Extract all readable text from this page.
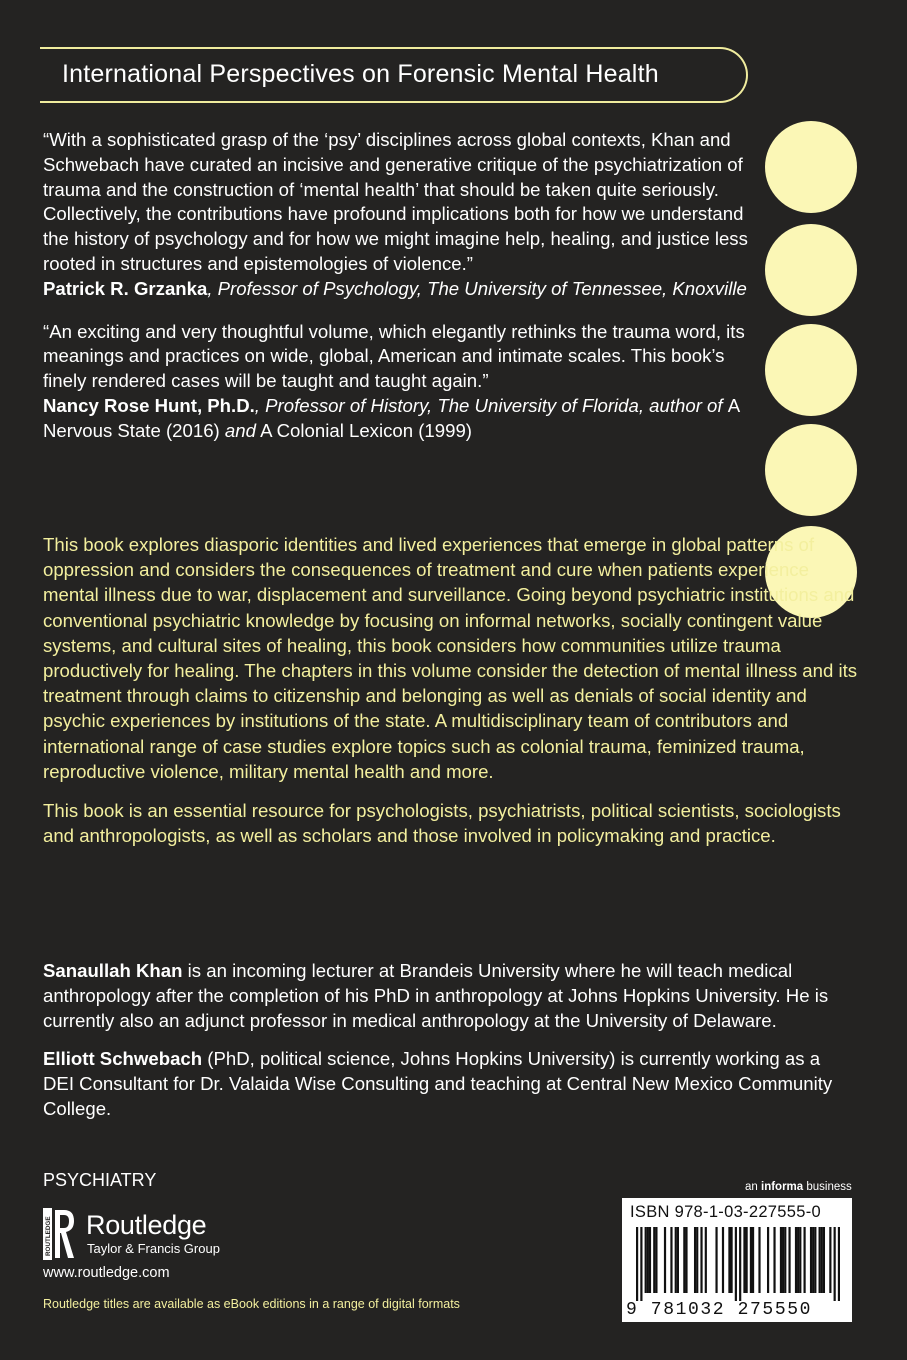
International Perspectives on Forensic Mental Health

“With a sophisticated grasp of the ‘psy’ disciplines across global contexts, Khan and Schwebach have curated an incisive and generative critique of the psychiatrization of trauma and the construction of ‘mental health’ that should be taken quite seriously. Collectively, the contributions have profound implications both for how we understand the history of psychology and for how we might imagine help, healing, and justice less rooted in structures and epistemologies of violence.”
Patrick R. Grzanka, Professor of Psychology, The University of Tennessee, Knoxville

“An exciting and very thoughtful volume, which elegantly rethinks the trauma word, its meanings and practices on wide, global, American and intimate scales. This book’s finely rendered cases will be taught and taught again.”
Nancy Rose Hunt, Ph.D., Professor of History, The University of Florida, author of A Nervous State (2016) and A Colonial Lexicon (1999)

This book explores diasporic identities and lived experiences that emerge in global patterns of oppression and considers the consequences of treatment and cure when patients experience mental illness due to war, displacement and surveillance. Going beyond psychiatric institutions and conventional psychiatric knowledge by focusing on informal networks, socially contingent value systems, and cultural sites of healing, this book considers how communities utilize trauma productively for healing. The chapters in this volume consider the detection of mental illness and its treatment through claims to citizenship and belonging as well as denials of social identity and psychic experiences by institutions of the state. A multidisciplinary team of contributors and international range of case studies explore topics such as colonial trauma, feminized trauma, reproductive violence, military mental health and more.

This book is an essential resource for psychologists, psychiatrists, political scientists, sociologists and anthropologists, as well as scholars and those involved in policymaking and practice.

Sanaullah Khan is an incoming lecturer at Brandeis University where he will teach medical anthropology after the completion of his PhD in anthropology at Johns Hopkins University. He is currently also an adjunct professor in medical anthropology at the University of Delaware.

Elliott Schwebach (PhD, political science, Johns Hopkins University) is currently working as a DEI Consultant for Dr. Valaida Wise Consulting and teaching at Central New Mexico Community College.

PSYCHIATRY
ROUTLEDGE Routledge
Taylor & Francis Group
www.routledge.com
Routledge titles are available as eBook editions in a range of digital formats
an informa business
ISBN 978-1-03-227555-0
9 781032 275550
